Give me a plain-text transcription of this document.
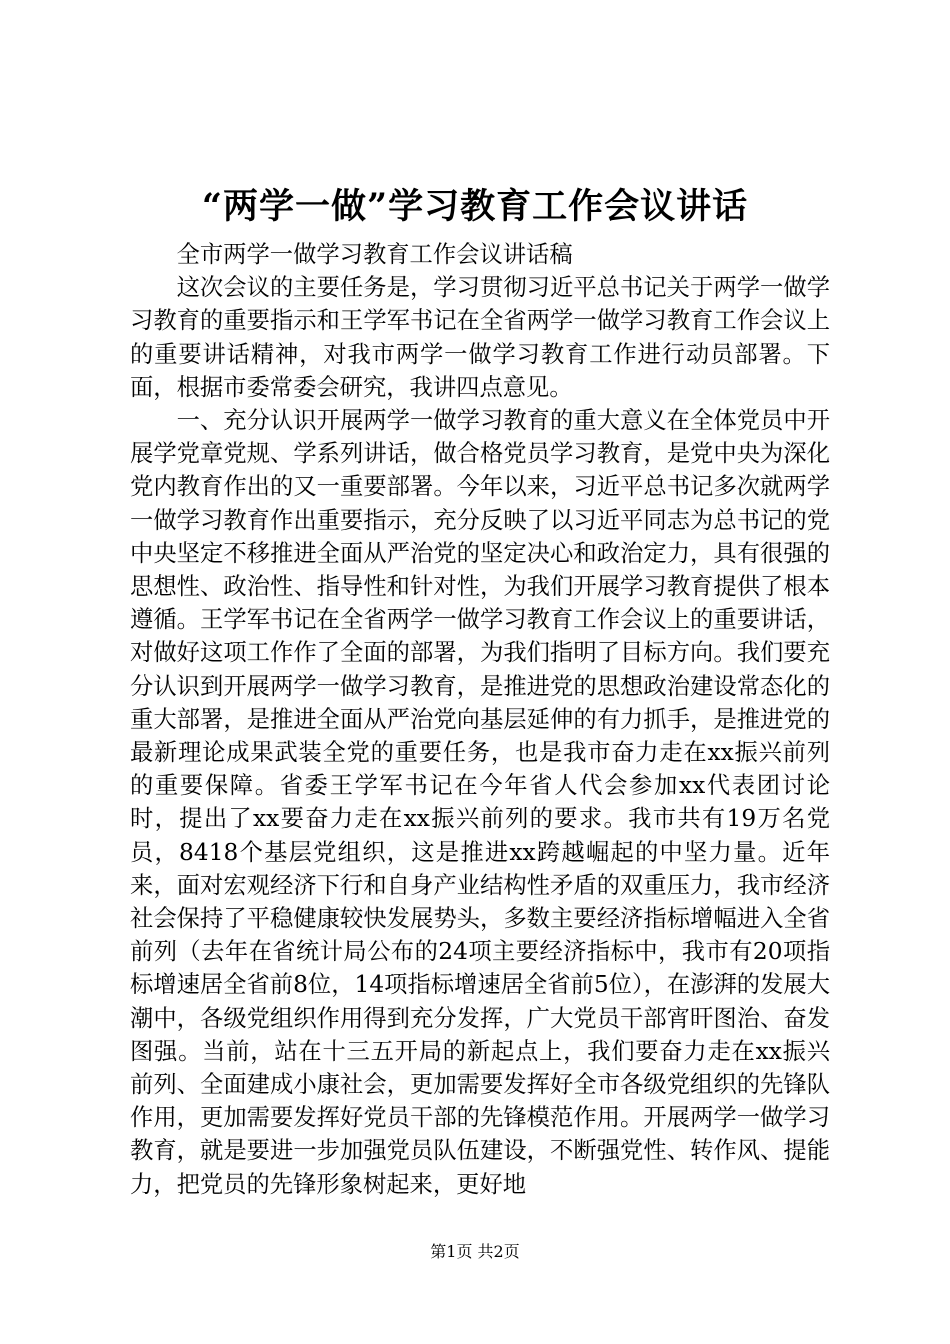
“两学一做”学习教育工作会议讲话

全市两学一做学习教育工作会议讲话稿

这次会议的主要任务是，学习贯彻习近平总书记关于两学一做学习教育的重要指示和王学军书记在全省两学一做学习教育工作会议上的重要讲话精神，对我市两学一做学习教育工作进行动员部署。下面，根据市委常委会研究，我讲四点意见。

一、充分认识开展两学一做学习教育的重大意义在全体党员中开展学党章党规、学系列讲话，做合格党员学习教育，是党中央为深化党内教育作出的又一重要部署。今年以来，习近平总书记多次就两学一做学习教育作出重要指示，充分反映了以习近平同志为总书记的党中央坚定不移推进全面从严治党的坚定决心和政治定力，具有很强的思想性、政治性、指导性和针对性，为我们开展学习教育提供了根本遵循。王学军书记在全省两学一做学习教育工作会议上的重要讲话，对做好这项工作作了全面的部署，为我们指明了目标方向。我们要充分认识到开展两学一做学习教育，是推进党的思想政治建设常态化的重大部署，是推进全面从严治党向基层延伸的有力抓手，是推进党的最新理论成果武装全党的重要任务，也是我市奋力走在xx振兴前列的重要保障。省委王学军书记在今年省人代会参加xx代表团讨论时，提出了xx要奋力走在xx振兴前列的要求。我市共有19万名党员，8418个基层党组织，这是推进xx跨越崛起的中坚力量。近年来，面对宏观经济下行和自身产业结构性矛盾的双重压力，我市经济社会保持了平稳健康较快发展势头，多数主要经济指标增幅进入全省前列（去年在省统计局公布的24项主要经济指标中，我市有20项指标增速居全省前8位，14项指标增速居全省前5位），在澎湃的发展大潮中，各级党组织作用得到充分发挥，广大党员干部宵旰图治、奋发图强。当前，站在十三五开局的新起点上，我们要奋力走在xx振兴前列、全面建成小康社会，更加需要发挥好全市各级党组织的先锋队作用，更加需要发挥好党员干部的先锋模范作用。开展两学一做学习教育，就是要进一步加强党员队伍建设，不断强党性、转作风、提能力，把党员的先锋形象树起来，更好地

第1页 共2页
